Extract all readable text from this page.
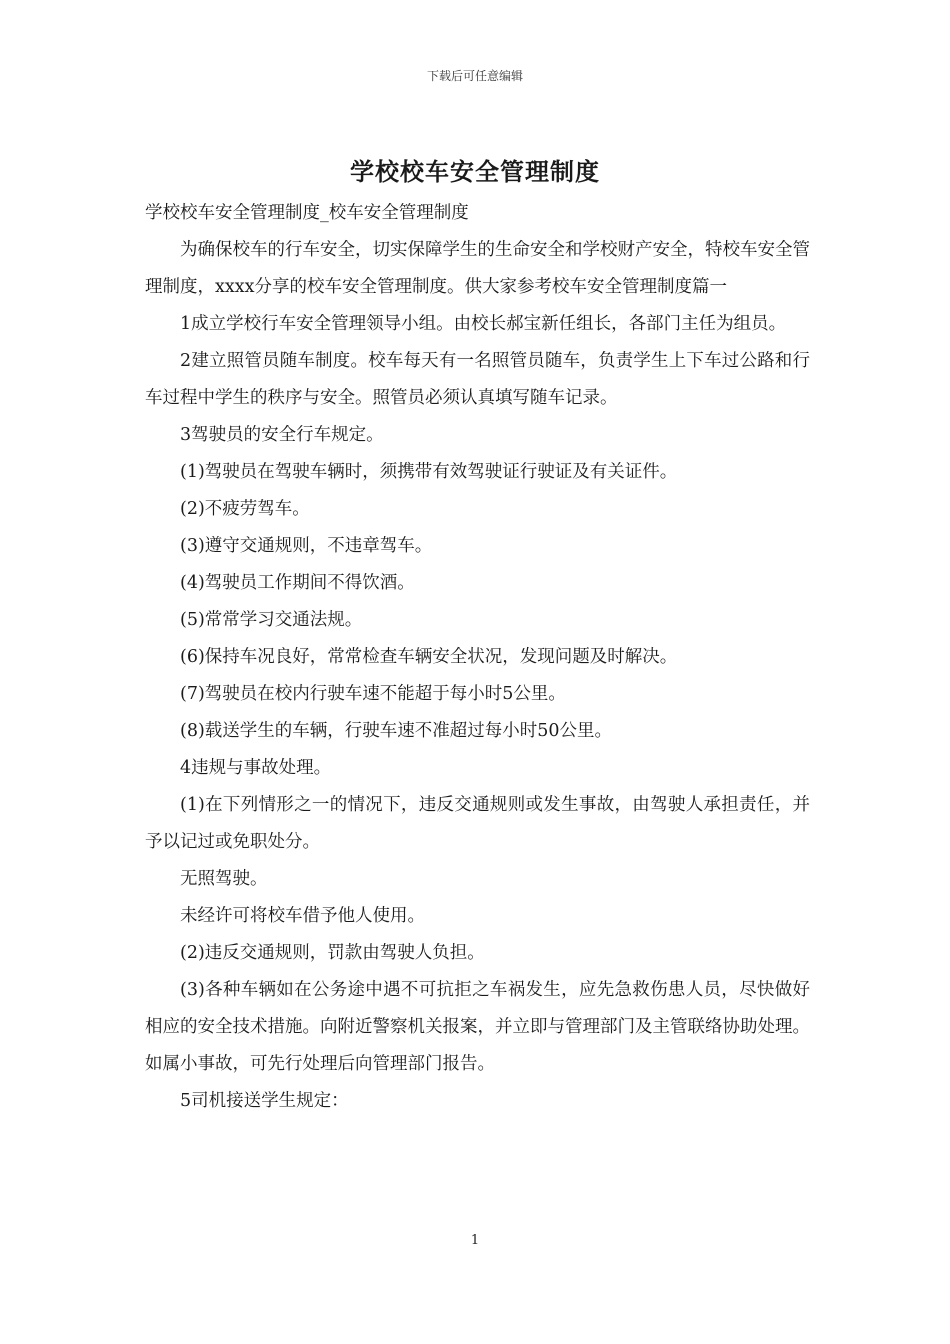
下载后可任意编辑
学校校车安全管理制度

学校校车安全管理制度_校车安全管理制度

为确保校车的行车安全，切实保障学生的生命安全和学校财产安全，特校车安全管理制度，xxxx分享的校车安全管理制度。供大家参考校车安全管理制度篇一

1成立学校行车安全管理领导小组。由校长郝宝新任组长，各部门主任为组员。

2建立照管员随车制度。校车每天有一名照管员随车，负责学生上下车过公路和行车过程中学生的秩序与安全。照管员必须认真填写随车记录。

3驾驶员的安全行车规定。

(1)驾驶员在驾驶车辆时，须携带有效驾驶证行驶证及有关证件。

(2)不疲劳驾车。

(3)遵守交通规则，不违章驾车。

(4)驾驶员工作期间不得饮酒。

(5)常常学习交通法规。

(6)保持车况良好，常常检查车辆安全状况，发现问题及时解决。

(7)驾驶员在校内行驶车速不能超于每小时5公里。

(8)载送学生的车辆，行驶车速不准超过每小时50公里。

4违规与事故处理。

(1)在下列情形之一的情况下，违反交通规则或发生事故，由驾驶人承担责任，并予以记过或免职处分。

无照驾驶。

未经许可将校车借予他人使用。

(2)违反交通规则，罚款由驾驶人负担。

(3)各种车辆如在公务途中遇不可抗拒之车祸发生，应先急救伤患人员，尽快做好相应的安全技术措施。向附近警察机关报案，并立即与管理部门及主管联络协助处理。如属小事故，可先行处理后向管理部门报告。

5司机接送学生规定：

1
